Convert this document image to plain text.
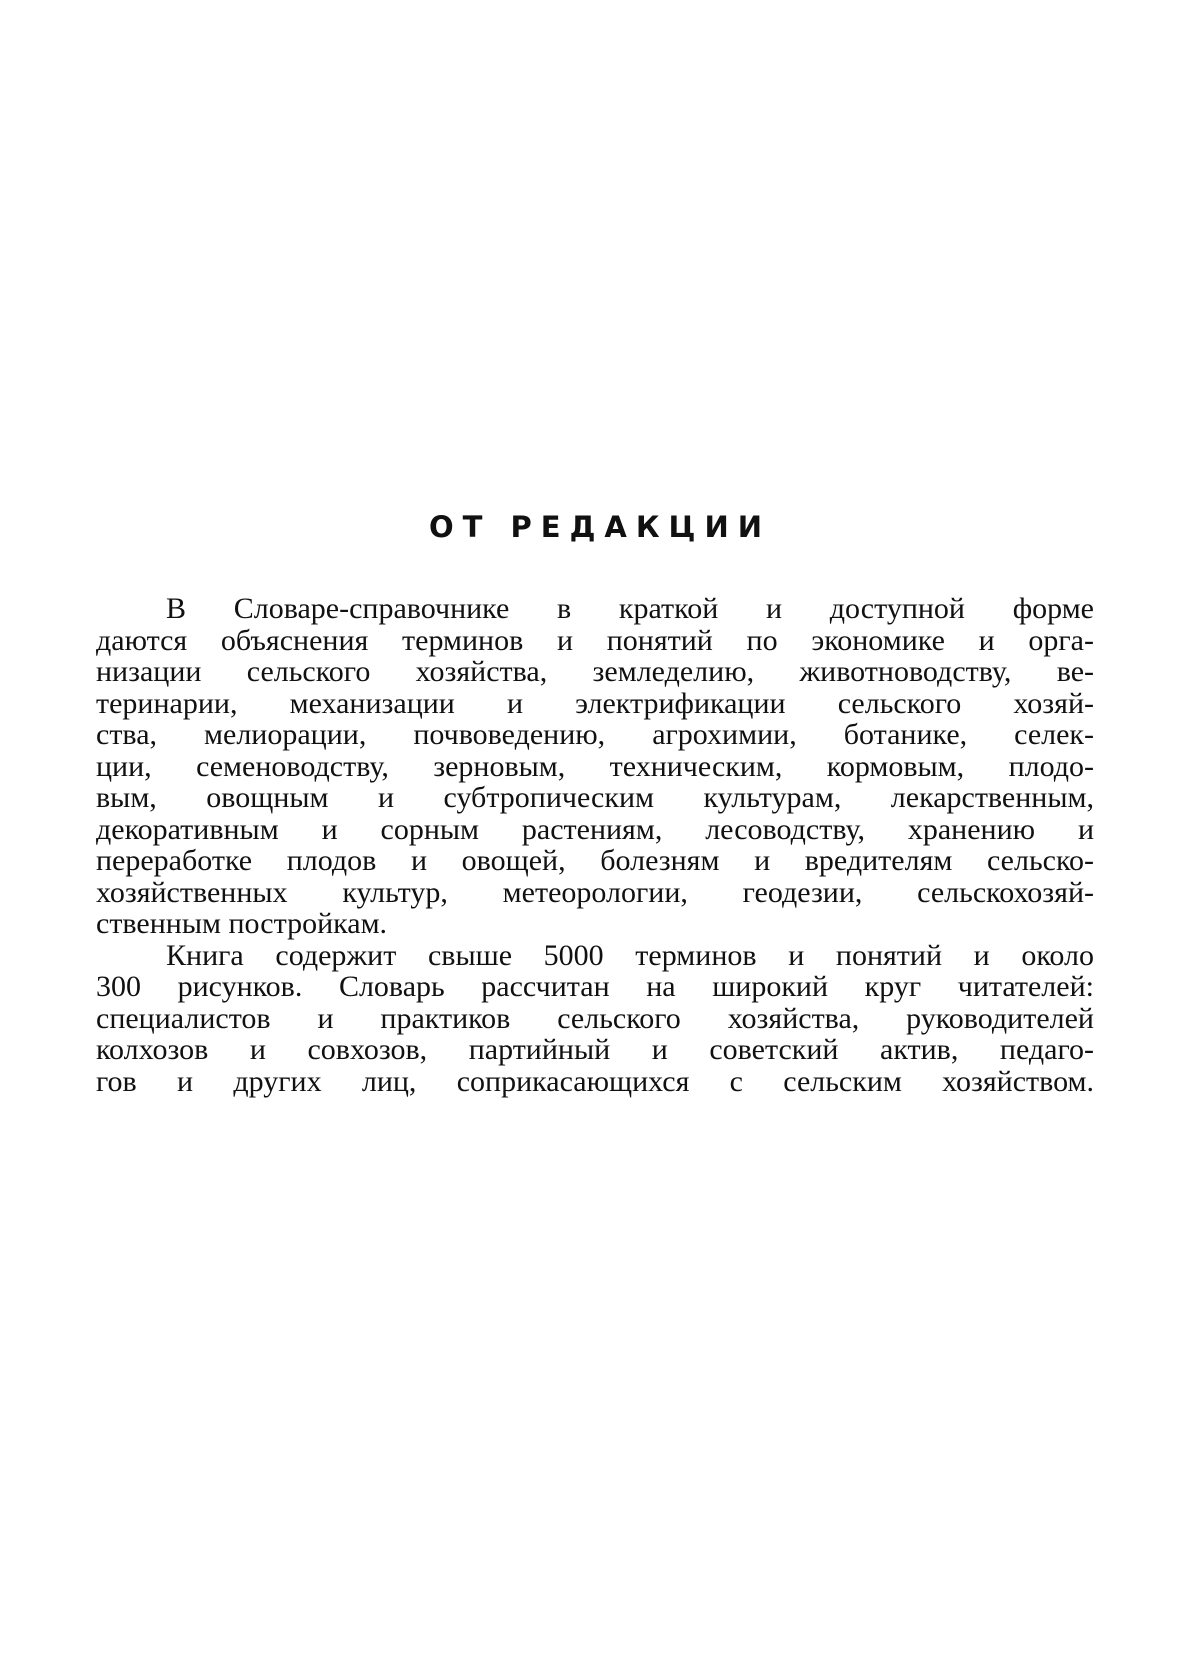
ОТ РЕДАКЦИИ
В Словаре-справочнике в краткой и доступной форме
даются объяснения терминов и понятий по экономике и орга-
низации сельского хозяйства, земледелию, животноводству, ве-
теринарии, механизации и электрификации сельского хозяй-
ства, мелиорации, почвоведению, агрохимии, ботанике, селек-
ции, семеноводству, зерновым, техническим, кормовым, плодо-
вым, овощным и субтропическим культурам, лекарственным,
декоративным и сорным растениям, лесоводству, хранению и
переработке плодов и овощей, болезням и вредителям сельско-
хозяйственных культур, метеорологии, геодезии, сельскохозяй-
ственным постройкам.
Книга содержит свыше 5000 терминов и понятий и около
300 рисунков. Словарь рассчитан на широкий круг читателей:
специалистов и практиков сельского хозяйства, руководителей
колхозов и совхозов, партийный и советский актив, педаго-
гов и других лиц, соприкасающихся с сельским хозяйством.
